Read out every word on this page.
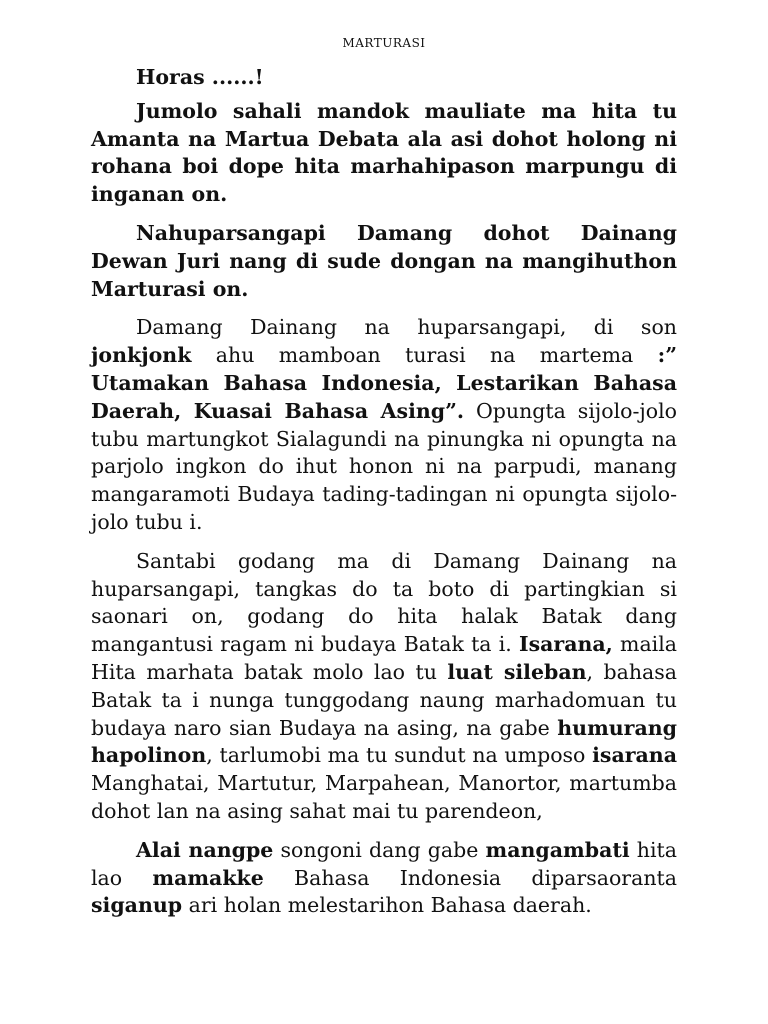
MARTURASI

Horas ......!

Jumolo sahali mandok mauliate ma hita tu Amanta na Martua Debata ala asi dohot holong ni rohana boi dope hita marhahipason marpungu di inganan on.

Nahuparsangapi Damang dohot Dainang Dewan Juri nang di sude dongan na mangihuthon Marturasi on.

Damang Dainang na huparsangapi, di son jonkjonk ahu mamboan turasi na martema :” Utamakan Bahasa Indonesia, Lestarikan Bahasa Daerah, Kuasai Bahasa Asing”. Opungta sijolo-jolo tubu martungkot Sialagundi na pinungka ni opungta na parjolo ingkon do ihut honon ni na parpudi, manang mangaramoti Budaya tading-tadingan ni opungta sijolo-jolo tubu i.

Santabi godang ma di Damang Dainang na huparsangapi, tangkas do ta boto di partingkian si saonari on, godang do hita halak Batak dang mangantusi ragam ni budaya Batak ta i. Isarana, maila Hita marhata batak molo lao tu luat sileban, bahasa Batak ta i nunga tunggodang naung marhadomuan tu budaya naro sian Budaya na asing, na gabe humurang hapolinon, tarlumobi ma tu sundut na umposo isarana Manghatai, Martutur, Marpahean, Manortor, martumba dohot lan na asing sahat mai tu parendeon,

Alai nangpe songoni dang gabe mangambati hita lao mamakke Bahasa Indonesia diparsaoranta siganup ari holan melestarihon Bahasa daerah.
